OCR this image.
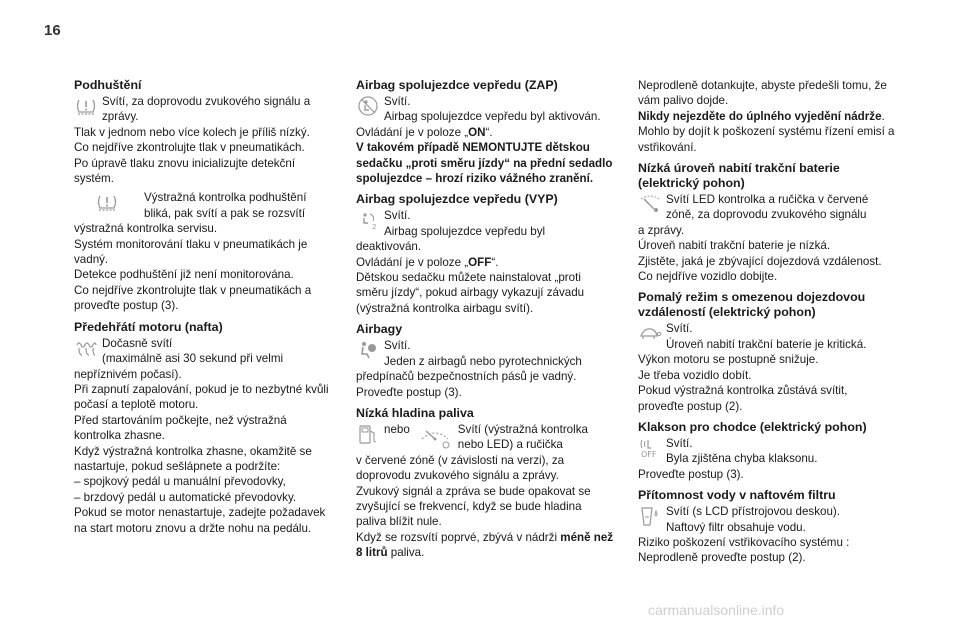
16
Podhuštění

Svítí, za doprovodu zvukového signálu a zprávy.

Tlak v jednom nebo více kolech je příliš nízký.
Co nejdříve zkontrolujte tlak v pneumatikách.
Po úpravě tlaku znovu inicializujte detekční systém.

Výstražná kontrolka podhuštění bliká, pak svítí a pak se rozsvítí

výstražná kontrolka servisu.
Systém monitorování tlaku v pneumatikách je vadný.
Detekce podhuštění již není monitorována.
Co nejdříve zkontrolujte tlak v pneumatikách a proveďte postup (3).

Předehřátí motoru (nafta)

Dočasně svítí
(maximálně asi 30 sekund při velmi

nepříznivém počasí).
Při zapnutí zapalování, pokud je to nezbytné kvůli počasí a teplotě motoru.
Před startováním počkejte, než výstražná kontrolka zhasne.
Když výstražná kontrolka zhasne, okamžitě se nastartuje, pokud sešlápnete a podržíte:
– spojkový pedál u manuální převodovky,
– brzdový pedál u automatické převodovky.
Pokud se motor nenastartuje, zadejte požadavek na start motoru znovu a držte nohu na pedálu.

Airbag spolujezdce vepředu (ZAP)

Svítí.
Airbag spolujezdce vepředu byl aktivován.

Ovládání je v poloze „ON“.

V takovém případě NEMONTUJTE dětskou sedačku „proti směru jízdy“ na přední sedadlo spolujezdce – hrozí riziko vážného zranění.

Airbag spolujezdce vepředu (VYP)
2

Svítí.
Airbag spolujezdce vepředu byl

deaktivován.
Ovládání je v poloze „OFF“.
Dětskou sedačku můžete nainstalovat „proti směru jízdy“, pokud airbagy vykazují závadu (výstražná kontrolka airbagu svítí).

Airbagy

Svítí.
Jeden z airbagů nebo pyrotechnických

předpínačů bezpečnostních pásů je vadný.
Proveďte postup (3).

Nízká hladina paliva
nebo	Svítí (výstražná kontrolka nebo LED) a ručička

v červené zóně (v závislosti na verzi), za doprovodu zvukového signálu a zprávy.
Zvukový signál a zpráva se bude opakovat se zvyšující se frekvencí, když se bude hladina paliva blížit nule.
Když se rozsvítí poprvé, zbývá v nádrži méně než 8 litrů paliva.

Neprodleně dotankujte, abyste předešli tomu, že vám palivo dojde.
Nikdy nejezděte do úplného vyjedění nádrže. Mohlo by dojít k poškození systému řízení emisí a vstřikování.

Nízká úroveň nabití trakční baterie (elektrický pohon)

Svítí LED kontrolka a ručička v červené zóně, za doprovodu zvukového signálu

a zprávy.
Úroveň nabití trakční baterie je nízká.
Zjistěte, jaká je zbývající dojezdová vzdálenost.
Co nejdříve vozidlo dobijte.

Pomalý režim s omezenou dojezdovou vzdáleností (elektrický pohon)

Svítí.
Úroveň nabití trakční baterie je kritická.

Výkon motoru se postupně snižuje.
Je třeba vozidlo dobít.
Pokud výstražná kontrolka zůstává svítit, proveďte postup (2).

Klakson pro chodce (elektrický pohon)
OFF

Svítí.
Byla zjištěna chyba klaksonu.

Proveďte postup (3).

Přítomnost vody v naftovém filtru

Svítí (s LCD přístrojovou deskou).
Naftový filtr obsahuje vodu.

Riziko poškození vstřikovacího systému :
Neprodleně proveďte postup (2).

carmanualsonline.info
